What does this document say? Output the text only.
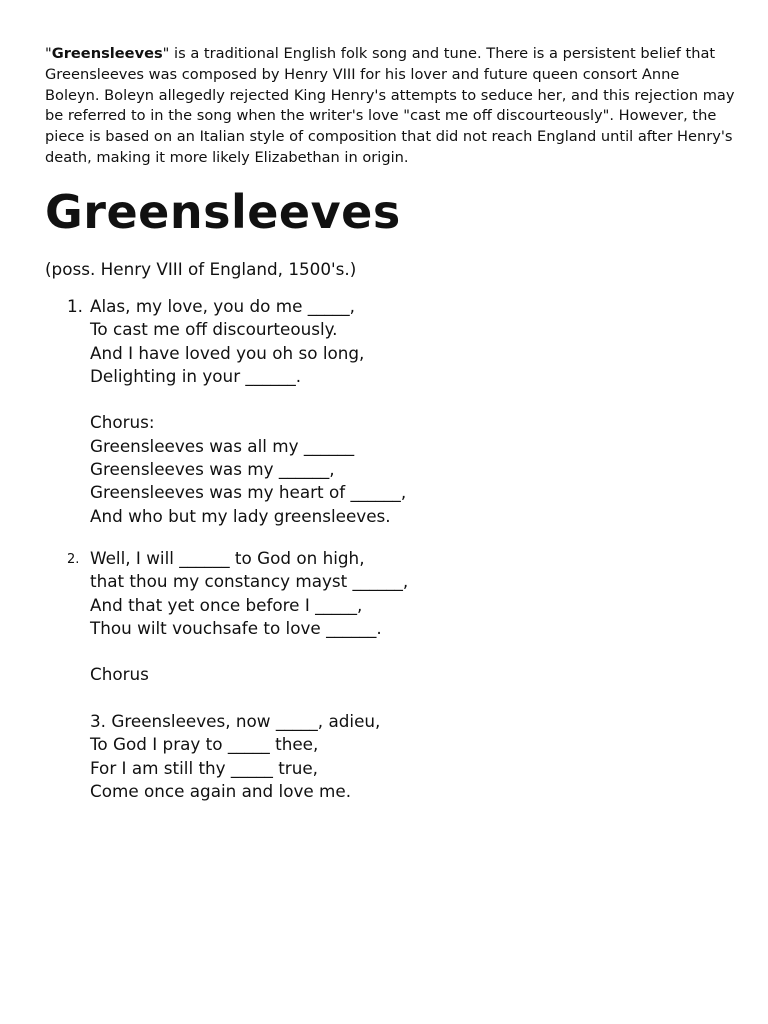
"Greensleeves" is a traditional English folk song and tune. There is a persistent belief that Greensleeves was composed by Henry VIII for his lover and future queen consort Anne Boleyn. Boleyn allegedly rejected King Henry's attempts to seduce her, and this rejection may be referred to in the song when the writer's love "cast me off discourteously". However, the piece is based on an Italian style of composition that did not reach England until after Henry's death, making it more likely Elizabethan in origin.

Greensleeves

(poss. Henry VIII of England, 1500's.)

1. Alas, my love, you do me _____,
To cast me off discourteously.
And I have loved you oh so long,
Delighting in your ______.

Chorus:
Greensleeves was all my ______
Greensleeves was my ______,
Greensleeves was my heart of ______,
And who but my lady greensleeves.
2. Well, I will ______ to God on high,
that thou my constancy mayst ______,
And that yet once before I _____,
Thou wilt vouchsafe to love ______.

Chorus

3. Greensleeves, now _____, adieu,
To God I pray to _____ thee,
For I am still thy _____ true,
Come once again and love me.
